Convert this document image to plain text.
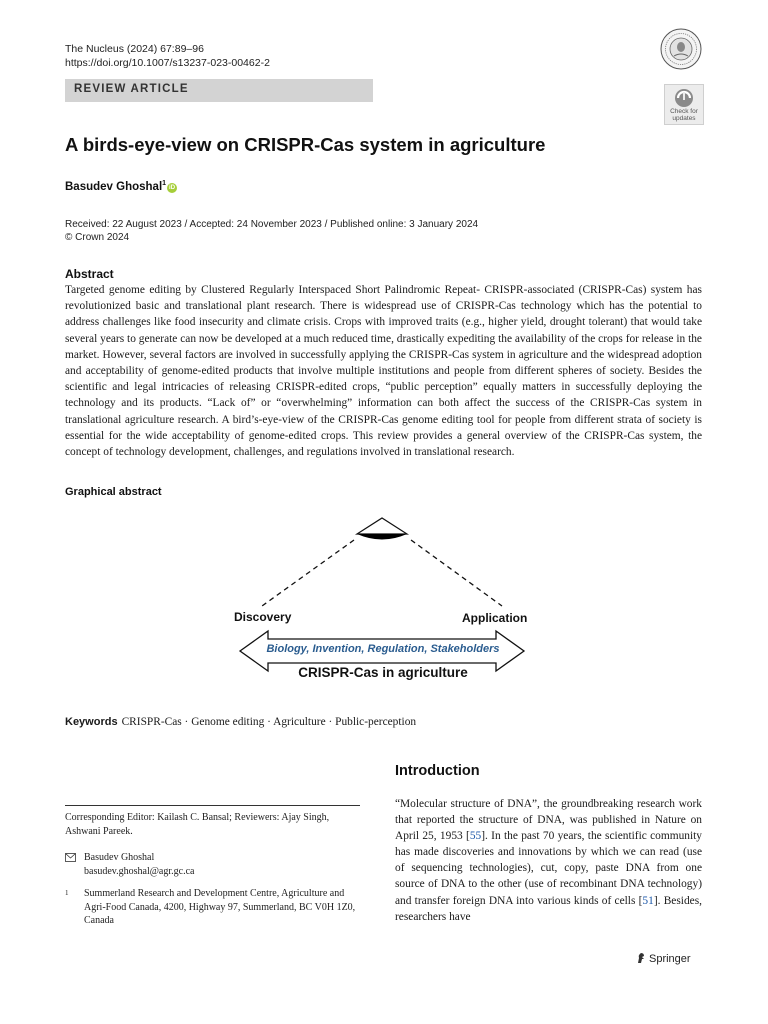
The Nucleus (2024) 67:89–96
https://doi.org/10.1007/s13237-023-00462-2
REVIEW ARTICLE
Check for
updates
A birds-eye-view on CRISPR-Cas system in agriculture
Basudev Ghoshal$^1$iD
Received: 22 August 2023 / Accepted: 24 November 2023 / Published online: 3 January 2024
© Crown 2024
Abstract

Targeted genome editing by Clustered Regularly Interspaced Short Palindromic Repeat- CRISPR-associated (CRISPR-Cas) system has revolutionized basic and translational plant research. There is widespread use of CRISPR-Cas technology which has the potential to address challenges like food insecurity and climate crisis. Crops with improved traits (e.g., higher yield, drought tolerant) that would take several years to generate can now be developed at a much reduced time, drastically expediting the availability of the crops for release in the market. However, several factors are involved in successfully applying the CRISPR-Cas system in agriculture and the widespread adoption and acceptability of genome-edited products that involve multiple institutions and people from different spheres of society. Besides the scientific and legal intricacies of releasing CRISPR-edited crops, “public perception” equally matters in successfully deploying the technology and its products. “Lack of” or “overwhelming” information can both affect the success of the CRISPR-Cas system in translational agriculture research. A bird’s-eye-view of the CRISPR-Cas genome editing tool for people from different strata of society is essential for the wide acceptability of genome-edited crops. This review provides a general overview of the CRISPR-Cas system, the concept of technology development, challenges, and regulations involved in translational research.

Graphical abstract
Discovery	Application
Biology, Invention, Regulation, Stakeholders
CRISPR-Cas in agriculture
Keywords CRISPR-Cas · Genome editing · Agriculture · Public-perception
Introduction

“Molecular structure of DNA”, the groundbreaking research work that reported the structure of DNA, was published in Nature on April 25, 1953 [55]. In the past 70 years, the scientific community has made discoveries and innovations by which we can read (use of sequencing technologies), cut, copy, paste DNA from one source of DNA to the other (use of recombinant DNA technology) and transfer foreign DNA into various kinds of cells [51]. Besides, researchers have

Corresponding Editor: Kailash C. Bansal; Reviewers: Ajay Singh, Ashwani Pareek.
Basudev Ghoshal
basudev.ghoshal@agr.gc.ca
1 Summerland Research and Development Centre, Agriculture and Agri-Food Canada, 4200, Highway 97, Summerland, BC V0H 1Z0, Canada
Springer
